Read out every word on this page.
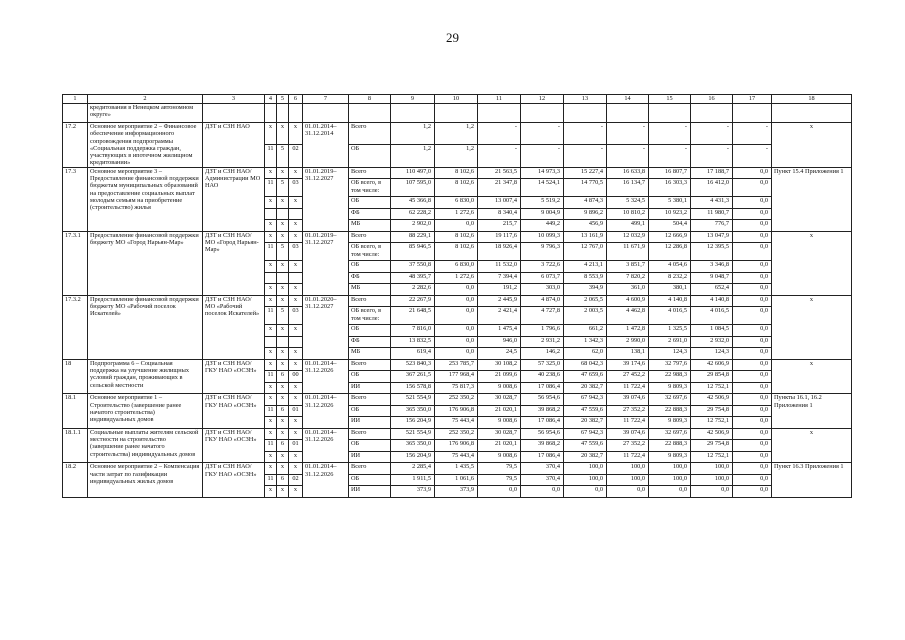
29
1	2	3	4	5	6	7	8	9	10	11	12	13	14	15	16	17	18
	кредитования в Ненецком автономном округе»																
17.2	Основное мероприятие 2 – Финансовое обеспечение информационного сопровождения подпрограммы «Социальная поддержка граждан, участвующих в ипотечном жилищном кредитовании»	ДЗТ и СЗН НАО	x	x	x	01.01.2014–31.12.2014	Всего	1,2	1,2	-	-	-	-	-	-	-	x
			11	5	02		ОБ	1,2	1,2	-	-	-	-	-	-	-	
17.3	Основное мероприятие 3 – Предоставление финансовой поддержки бюджетам муниципальных образований на предоставление социальных выплат молодым семьям на приобретение (строительство) жилья	ДЗТ и СЗН НАО/ Администрации МО НАО	x	x	x	01.01.2019–31.12.2027	Всего	110 497,0	8 102,6	21 563,5	14 973,3	15 227,4	16 633,8	16 807,7	17 188,7	0,0	Пункт 15.4 Приложения 1
			11	5	03		ОБ всего, в том числе:	107 595,0	8 102,6	21 347,8	14 524,1	14 770,5	16 134,7	16 303,3	16 412,0	0,0	
			x	x	x		ОБ	45 366,8	6 830,0	13 007,4	5 519,2	4 874,3	5 324,5	5 380,1	4 431,3	0,0	
							ФБ	62 228,2	1 272,6	8 340,4	9 004,9	9 896,2	10 810,2	10 923,2	11 980,7	0,0	
			x	x	x		МБ	2 902,0	0,0	215,7	449,2	456,9	499,1	504,4	776,7	0,0	
17.3.1	Предоставление финансовой поддержки бюджету МО «Город Нарьян-Мар»	ДЗТ и СЗН НАО/ МО «Город Нарьян-Мар»	x	x	x	01.01.2019–31.12.2027	Всего	88 229,1	8 102,6	19 117,6	10 099,3	13 161,9	12 032,9	12 666,9	13 047,9	0,0	x
			11	5	03		ОБ всего, в том числе:	85 946,5	8 102,6	18 926,4	9 796,3	12 767,0	11 671,9	12 286,8	12 395,5	0,0	
			x	x	x		ОБ	37 550,8	6 830,0	11 532,0	3 722,6	4 213,1	3 851,7	4 054,6	3 346,8	0,0	
							ФБ	48 395,7	1 272,6	7 394,4	6 073,7	8 553,9	7 820,2	8 232,2	9 048,7	0,0	
			x	x	x		МБ	2 282,6	0,0	191,2	303,0	394,9	361,0	380,1	652,4	0,0	
17.3.2	Предоставление финансовой поддержки бюджету МО «Рабочий поселок Искателей»	ДЗТ и СЗН НАО/ МО «Рабочий поселок Искателей»	x	x	x	01.01.2020–31.12.2027	Всего	22 267,9	0,0	2 445,9	4 874,0	2 065,5	4 600,9	4 140,8	4 140,8	0,0	x
			11	5	03		ОБ всего, в том числе:	21 648,5	0,0	2 421,4	4 727,8	2 003,5	4 462,8	4 016,5	4 016,5	0,0	
			x	x	x		ОБ	7 816,0	0,0	1 475,4	1 796,6	661,2	1 472,8	1 325,5	1 084,5	0,0	
							ФБ	13 832,5	0,0	946,0	2 931,2	1 342,3	2 990,0	2 691,0	2 932,0	0,0	
			x	x	x		МБ	619,4	0,0	24,5	146,2	62,0	138,1	124,3	124,3	0,0	
18	Подпрограмма 6 – Социальная поддержка на улучшение жилищных условий граждан, проживающих в сельской местности	ДЗТ и СЗН НАО/ ГКУ НАО «ОСЗН»	x	x	x	01.01.2014–31.12.2026	Всего	523 840,3	253 785,7	30 108,2	57 325,0	68 042,3	39 174,6	32 797,6	42 606,9	0,0	x
			11	6	00		ОБ	367 261,5	177 968,4	21 099,6	40 238,6	47 659,6	27 452,2	22 988,3	29 854,8	0,0	
			x	x	x		ИИ	156 578,8	75 817,3	9 008,6	17 086,4	20 382,7	11 722,4	9 809,3	12 752,1	0,0	
18.1	Основное мероприятие 1 – Строительство (завершение ранее начатого строительства) индивидуальных домов	ДЗТ и СЗН НАО/ ГКУ НАО «ОСЗН»	x	x	x	01.01.2014–31.12.2026	Всего	521 554,9	252 350,2	30 028,7	56 954,6	67 942,3	39 074,6	32 697,6	42 506,9	0,0	Пункты 16.1, 16.2 Приложения 1
			11	6	01		ОБ	365 350,0	176 906,8	21 020,1	39 868,2	47 559,6	27 352,2	22 888,3	29 754,8	0,0	
			x	x	x		ИИ	156 204,9	75 443,4	9 008,6	17 086,4	20 382,7	11 722,4	9 809,3	12 752,1	0,0	
18.1.1	Социальные выплаты жителям сельской местности на строительство (завершение ранее начатого строительства) индивидуальных домов	ДЗТ и СЗН НАО/ ГКУ НАО «ОСЗН»	x	x	x	01.01.2014–31.12.2026	Всего	521 554,9	252 350,2	30 028,7	56 954,6	67 942,3	39 074,6	32 697,6	42 506,9	0,0	x
			11	6	01		ОБ	365 350,0	176 906,8	21 020,1	39 868,2	47 559,6	27 352,2	22 888,3	29 754,8	0,0	
			x	x	x		ИИ	156 204,9	75 443,4	9 008,6	17 086,4	20 382,7	11 722,4	9 809,3	12 752,1	0,0	
18.2	Основное мероприятие 2 – Компенсация части затрат по газификации индивидуальных жилых домов	ДЗТ и СЗН НАО/ ГКУ НАО «ОСЗН»	x	x	x	01.01.2014–31.12.2026	Всего	2 285,4	1 435,5	79,5	370,4	100,0	100,0	100,0	100,0	0,0	Пункт 16.3 Приложения 1
			11	6	02		ОБ	1 911,5	1 061,6	79,5	370,4	100,0	100,0	100,0	100,0	0,0	
			x	x	x		ИИ	373,9	373,9	0,0	0,0	0,0	0,0	0,0	0,0	0,0	
